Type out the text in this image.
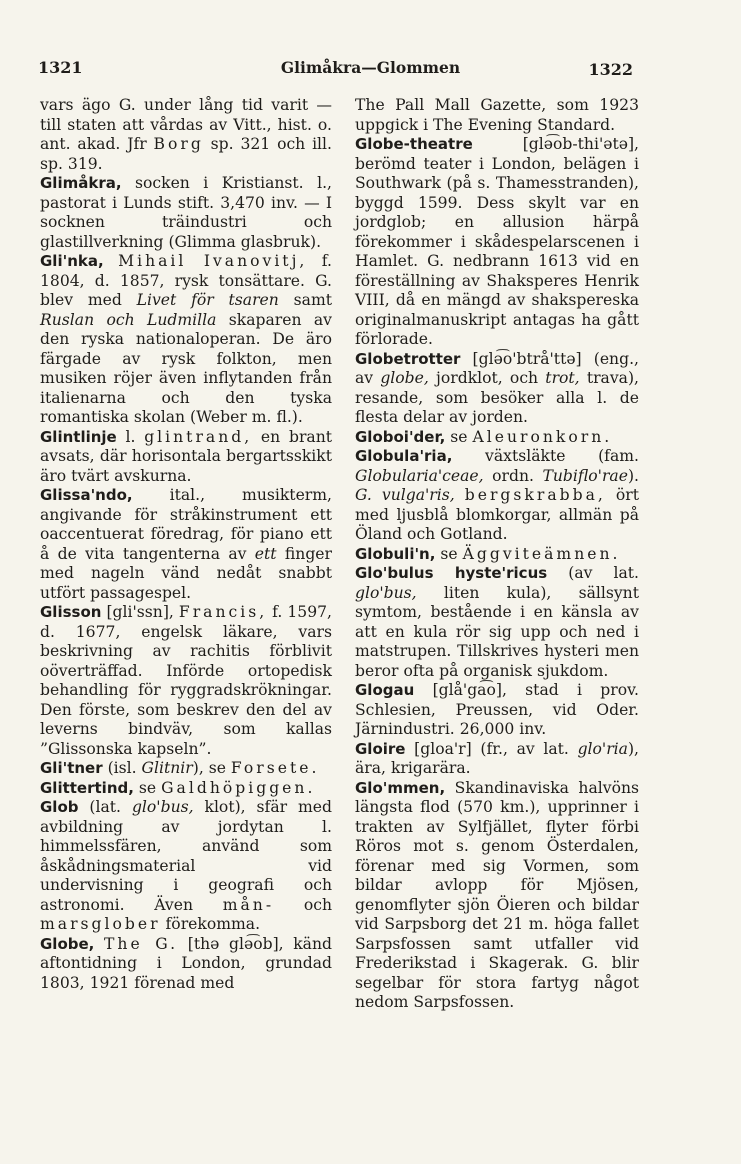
1321	Glimåkra—Glommen	1322

vars ägo G. under lång tid varit — till staten att vårdas av Vitt., hist. o. ant. akad. Jfr Borg sp. 321 och ill. sp. 319.

Glimåkra, socken i Kristianst. l., pastorat i Lunds stift. 3,470 inv. — I socknen träindustri och glastillverkning (Glimma glasbruk).

Gli'nka, Mihail Ivanovitj, f. 1804, d. 1857, rysk tonsättare. G. blev med Livet för tsaren samt Ruslan och Ludmilla skaparen av den ryska nationaloperan. De äro färgade av rysk folkton, men musiken röjer även inflytanden från italienarna och den tyska romantiska skolan (Weber m. fl.).

Glintlinje l. glintrand, en brant avsats, där horisontala bergartsskikt äro tvärt avskurna.

Glissa'ndo, ital., musikterm, angivande för stråkinstrument ett oaccentuerat föredrag, för piano ett å de vita tangenterna av ett finger med nageln vänd nedåt snabbt utfört passagespel.

Glisson [gli'ssn], Francis, f. 1597, d. 1677, engelsk läkare, vars beskrivning av rachitis förblivit oöverträffad. Införde ortopedisk behandling för ryggradskrökningar. Den förste, som beskrev den del av leverns bindväv, som kallas ”Glissonska kapseln”.

Gli'tner (isl. Glitnir), se Forsete.

Glittertind, se Galdhöpiggen.

Glob (lat. glo'bus, klot), sfär med avbildning av jordytan l. himmelssfären, använd som åskådningsmaterial vid undervisning i geografi och astronomi. Även mån- och marsglober förekomma.

Globe, The G. [thə glə͡ob], känd aftontidning i London, grundad 1803, 1921 förenad med

The Pall Mall Gazette, som 1923 uppgick i The Evening Standard.

Globe-theatre [glə͡ob-thi'ətə], berömd teater i London, belägen i Southwark (på s. Thamesstranden), byggd 1599. Dess skylt var en jordglob; en allusion härpå förekommer i skådespelarscenen i Hamlet. G. nedbrann 1613 vid en föreställning av Shaksperes Henrik VIII, då en mängd av shakspereska originalmanuskript antagas ha gått förlorade.

Globetrotter [glə͡o'btrå'ttə] (eng., av globe, jordklot, och trot, trava), resande, som besöker alla l. de flesta delar av jorden.

Globoi'der, se Aleuronkorn.

Globula'ria, växtsläkte (fam. Globularia'ceae, ordn. Tubiflo'rae). G. vulga'ris, bergskrabba, ört med ljusblå blomkorgar, allmän på Öland och Gotland.

Globuli'n, se Äggviteämnen.

Glo'bulus hyste'ricus (av lat. glo'bus, liten kula), sällsynt symtom, bestående i en känsla av att en kula rör sig upp och ned i matstrupen. Tillskrives hysteri men beror ofta på organisk sjukdom.

Glogau [glå'ga͡o], stad i prov. Schlesien, Preussen, vid Oder. Järnindustri. 26,000 inv.

Gloire [gloa'r] (fr., av lat. glo'ria), ära, krigarära.

Glo'mmen, Skandinaviska halvöns längsta flod (570 km.), upprinner i trakten av Sylfjället, flyter förbi Röros mot s. genom Österdalen, förenar med sig Vormen, som bildar avlopp för Mjösen, genomflyter sjön Öieren och bildar vid Sarpsborg det 21 m. höga fallet Sarpsfossen samt utfaller vid Frederikstad i Skagerak. G. blir segelbar för stora fartyg något nedom Sarpsfossen.
